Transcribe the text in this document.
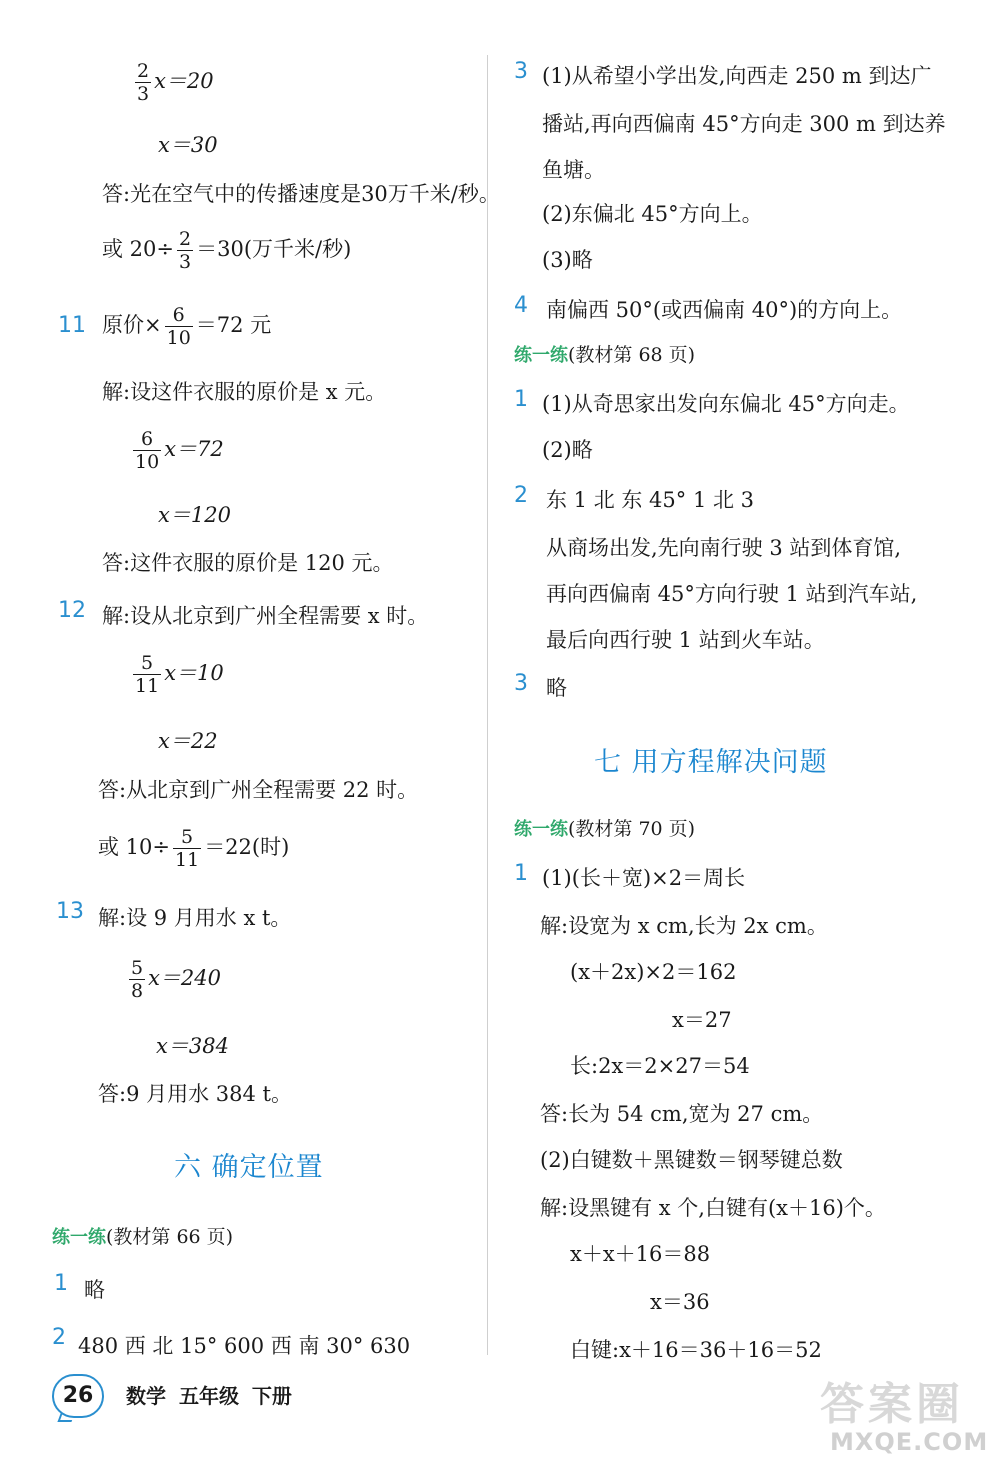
$\frac{2}{3} x=20$
x＝30
答:光在空气中的传播速度是30万千米/秒。
或 $20\div \frac{2}{3} =30$(万千米/秒)
11 原价× $\frac{6}{10} =72$ 元
解:设这件衣服的原价是 x 元。
$\frac{6}{10} x=72$
x＝120
答:这件衣服的原价是 120 元。
12 解:设从北京到广州全程需要 x 时。
$\frac{5}{11} x=10$
x＝22
答:从北京到广州全程需要 22 时。
或 $10\div \frac{5}{11} =22$(时)
13 解:设 9 月用水 x t。
$\frac{5}{8} x=240$
x＝384
答:9 月用水 384 t。
六 确定位置
练一练(教材第 66 页)
1 略
2 480 西 北 15° 600 西 南 30° 630
3 (1)从希望小学出发,向西走 250 m 到达广
播站,再向西偏南 45°方向走 300 m 到达养
鱼塘。
(2)东偏北 45°方向上。
(3)略
4 南偏西 50°(或西偏南 40°)的方向上。
练一练(教材第 68 页)
1 (1)从奇思家出发向东偏北 45°方向走。
(2)略
2 东 1 北 东 45° 1 北 3
从商场出发,先向南行驶 3 站到体育馆,
再向西偏南 45°方向行驶 1 站到汽车站,
最后向西行驶 1 站到火车站。
3 略
七 用方程解决问题
练一练(教材第 70 页)
1 (1)(长＋宽)×2＝周长
解:设宽为 x cm,长为 2x cm。
(x＋2x)×2＝162
x＝27
长:2x＝2×27＝54
答:长为 54 cm,宽为 27 cm。
(2)白键数＋黑键数＝钢琴键总数
解:设黑键有 x 个,白键有(x＋16)个。
x＋x＋16＝88
x＝36
白键:x＋16＝36＋16＝52
26	数学 五年级 下册	答案圈
MXQE.COM
